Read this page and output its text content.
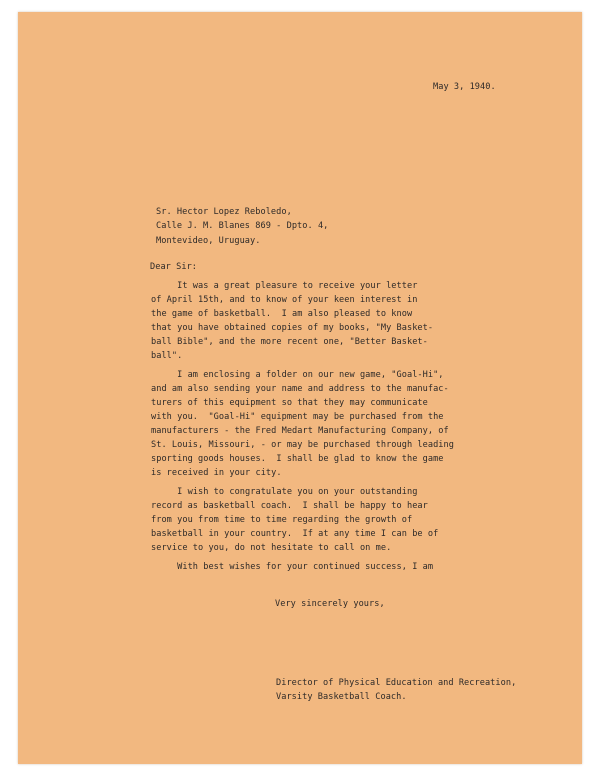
May 3, 1940.
Sr. Hector Lopez Reboledo,
Calle J. M. Blanes 869 - Dpto. 4,
Montevideo, Uruguay.
Dear Sir:
It was a great pleasure to receive your letter
of April 15th, and to know of your keen interest in
the game of basketball.  I am also pleased to know
that you have obtained copies of my books, "My Basket-
ball Bible", and the more recent one, "Better Basket-
ball".
I am enclosing a folder on our new game, "Goal-Hi",
and am also sending your name and address to the manufac-
turers of this equipment so that they may communicate
with you.  "Goal-Hi" equipment may be purchased from the
manufacturers - the Fred Medart Manufacturing Company, of
St. Louis, Missouri, - or may be purchased through leading
sporting goods houses.  I shall be glad to know the game
is received in your city.
I wish to congratulate you on your outstanding
record as basketball coach.  I shall be happy to hear
from you from time to time regarding the growth of
basketball in your country.  If at any time I can be of
service to you, do not hesitate to call on me.
With best wishes for your continued success, I am
Very sincerely yours,
Director of Physical Education and Recreation,
Varsity Basketball Coach.
